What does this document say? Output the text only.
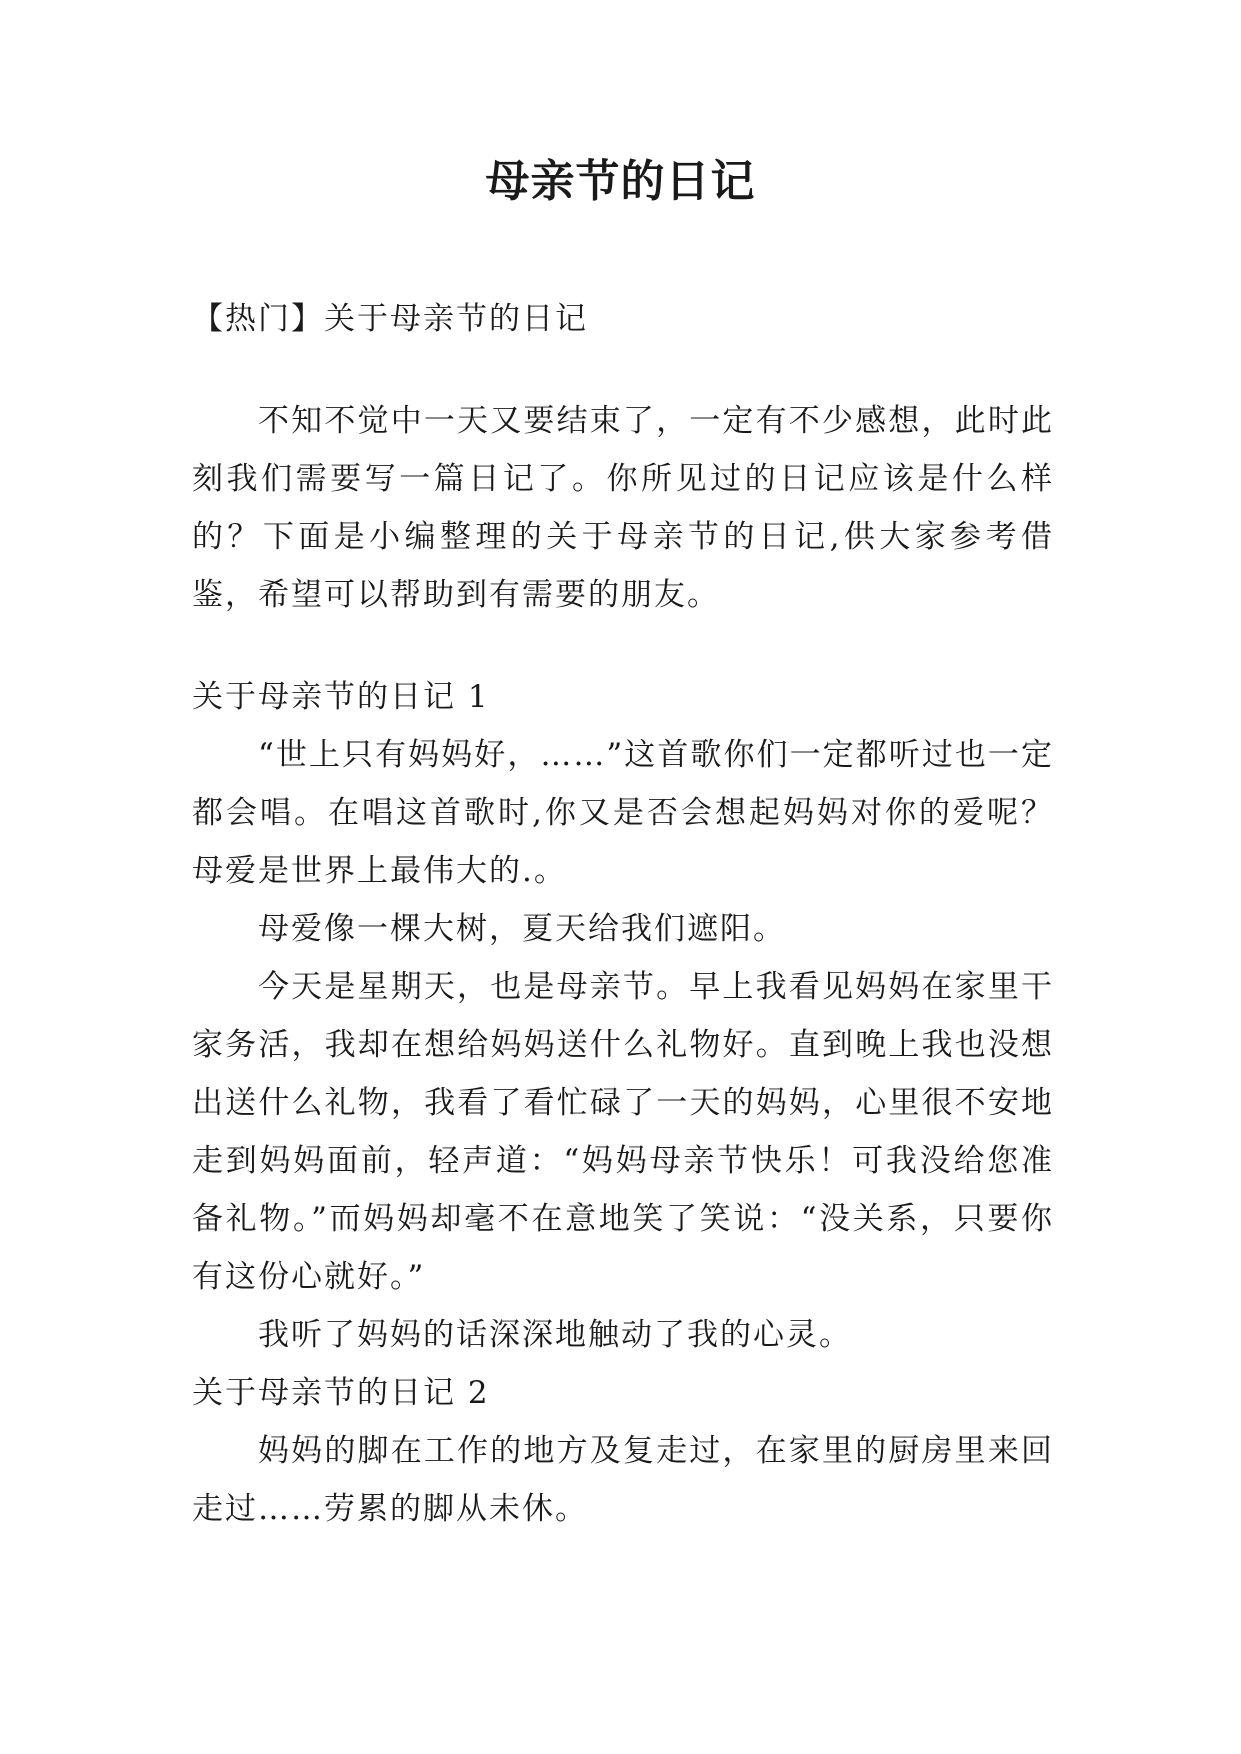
母亲节的日记

【热门】关于母亲节的日记

不知不觉中一天又要结束了，一定有不少感想，此时此刻我们需要写一篇日记了。你所见过的日记应该是什么样的？下面是小编整理的关于母亲节的日记,供大家参考借鉴，希望可以帮助到有需要的朋友。

关于母亲节的日记 1

“世上只有妈妈好，……”这首歌你们一定都听过也一定都会唱。在唱这首歌时,你又是否会想起妈妈对你的爱呢？母爱是世界上最伟大的.。

母爱像一棵大树，夏天给我们遮阳。

今天是星期天，也是母亲节。早上我看见妈妈在家里干家务活，我却在想给妈妈送什么礼物好。直到晚上我也没想出送什么礼物，我看了看忙碌了一天的妈妈，心里很不安地走到妈妈面前，轻声道：“妈妈母亲节快乐！可我没给您准备礼物。”而妈妈却毫不在意地笑了笑说：“没关系，只要你有这份心就好。”

我听了妈妈的话深深地触动了我的心灵。

关于母亲节的日记 2

妈妈的脚在工作的地方及复走过，在家里的厨房里来回走过……劳累的脚从未休。
